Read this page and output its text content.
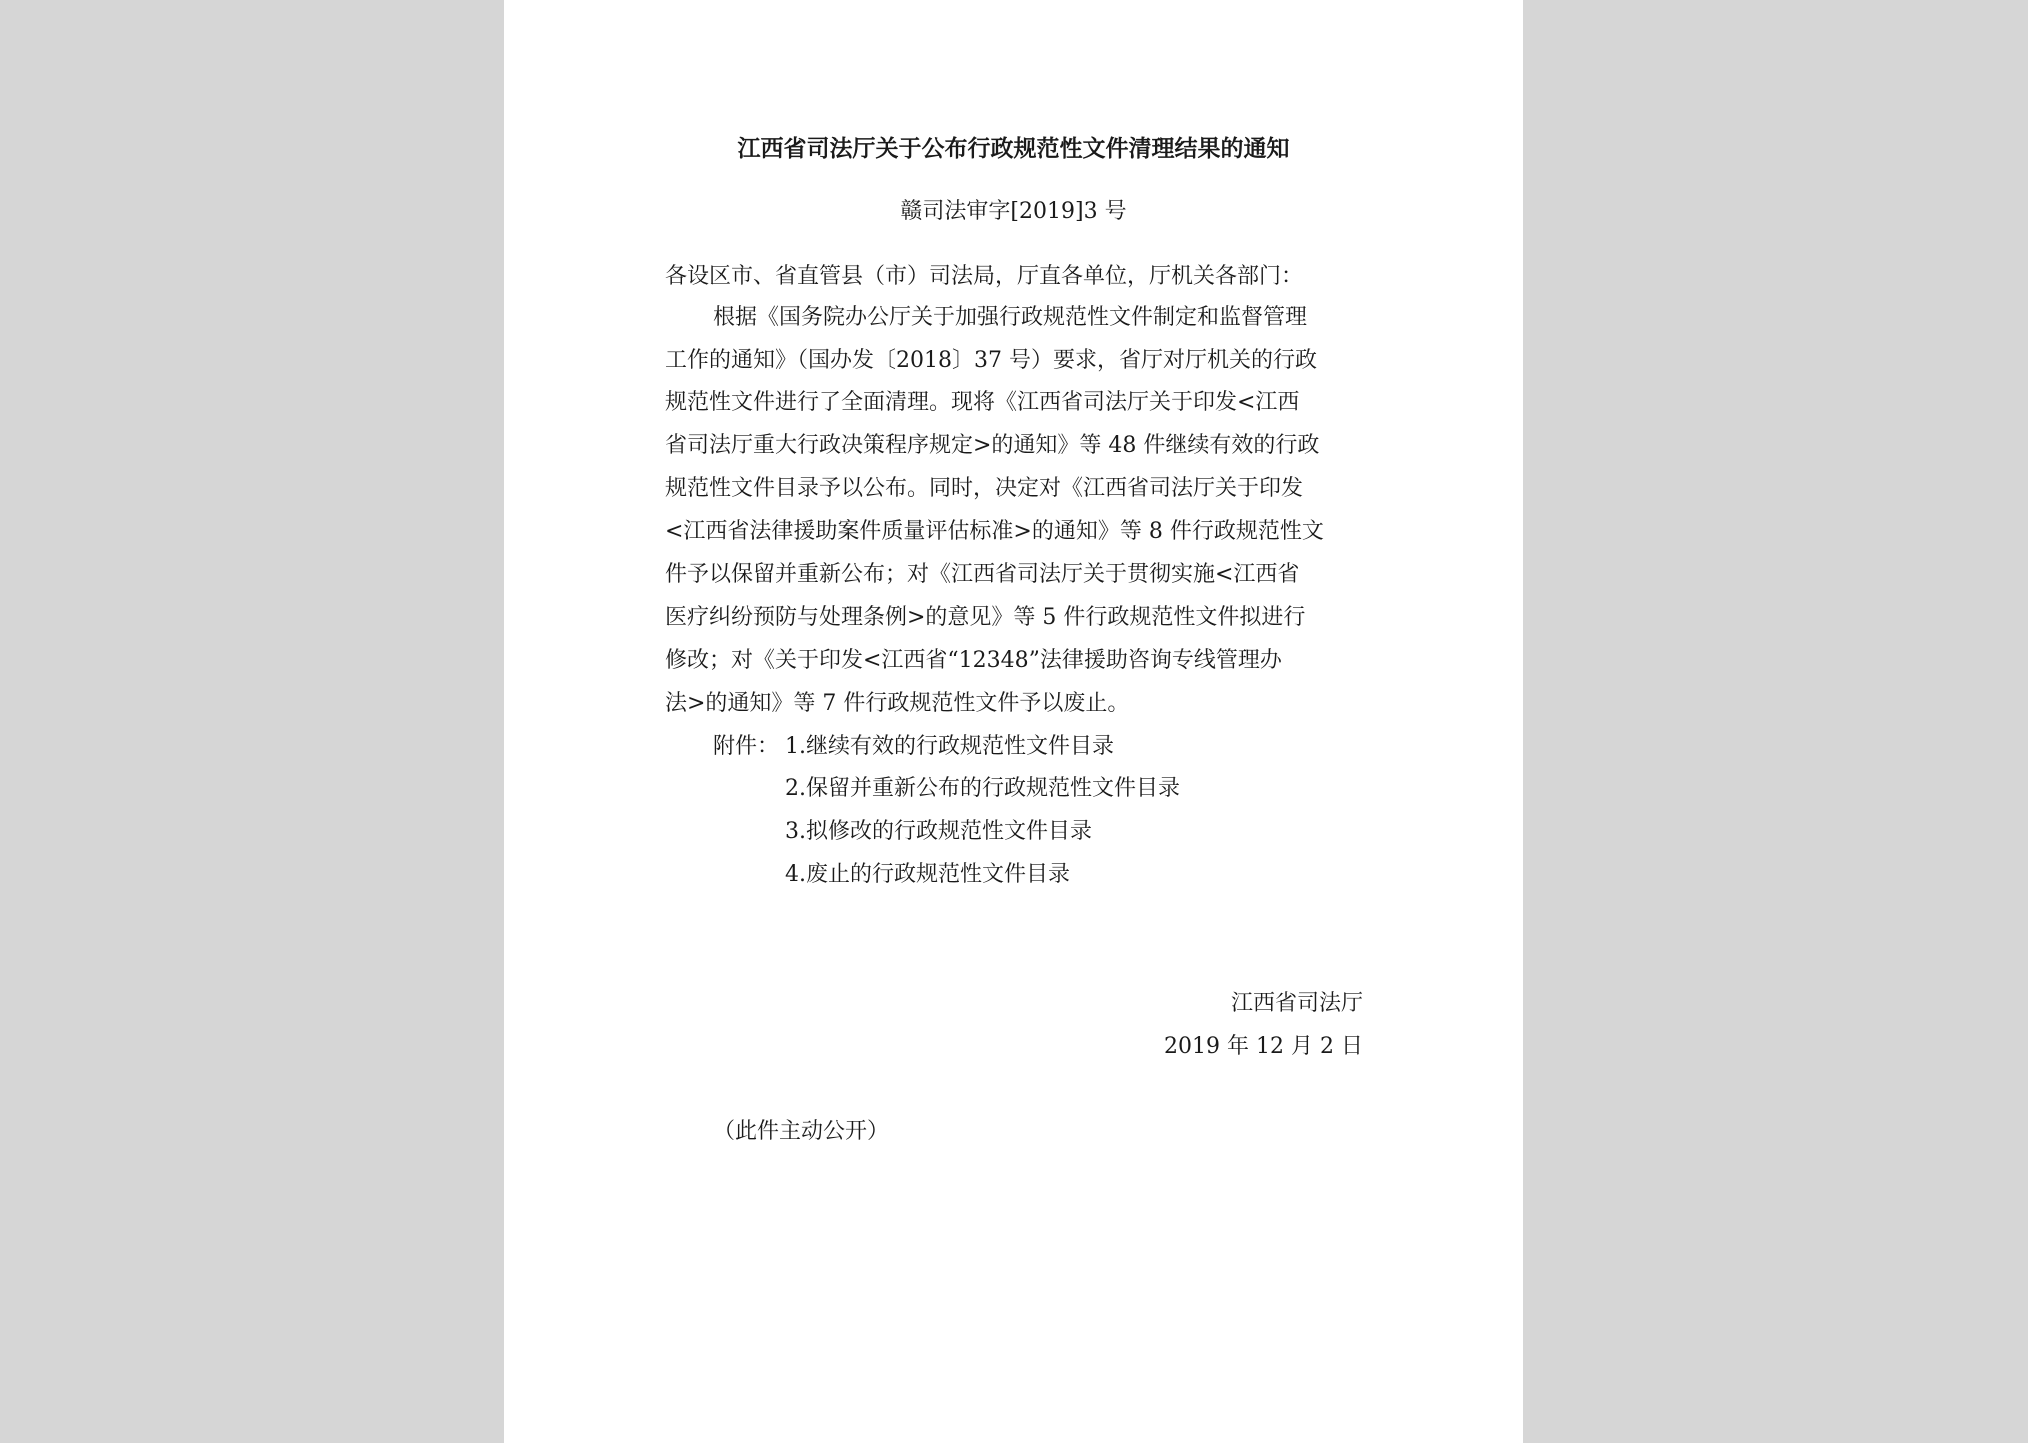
江西省司法厅关于公布行政规范性文件清理结果的通知
赣司法审字[2019]3 号
各设区市、省直管县（市）司法局，厅直各单位，厅机关各部门：
根据《国务院办公厅关于加强行政规范性文件制定和监督管理
工作的通知》（国办发〔2018〕37 号）要求，省厅对厅机关的行政
规范性文件进行了全面清理。现将《江西省司法厅关于印发<江西
省司法厅重大行政决策程序规定>的通知》等 48 件继续有效的行政
规范性文件目录予以公布。同时，决定对《江西省司法厅关于印发
<江西省法律援助案件质量评估标准>的通知》等 8 件行政规范性文
件予以保留并重新公布；对《江西省司法厅关于贯彻实施<江西省
医疗纠纷预防与处理条例>的意见》等 5 件行政规范性文件拟进行
修改；对《关于印发<江西省“12348”法律援助咨询专线管理办
法>的通知》等 7 件行政规范性文件予以废止。
附件： 1.继续有效的行政规范性文件目录
2.保留并重新公布的行政规范性文件目录
3.拟修改的行政规范性文件目录
4.废止的行政规范性文件目录
江西省司法厅
2019 年 12 月 2 日
（此件主动公开）
